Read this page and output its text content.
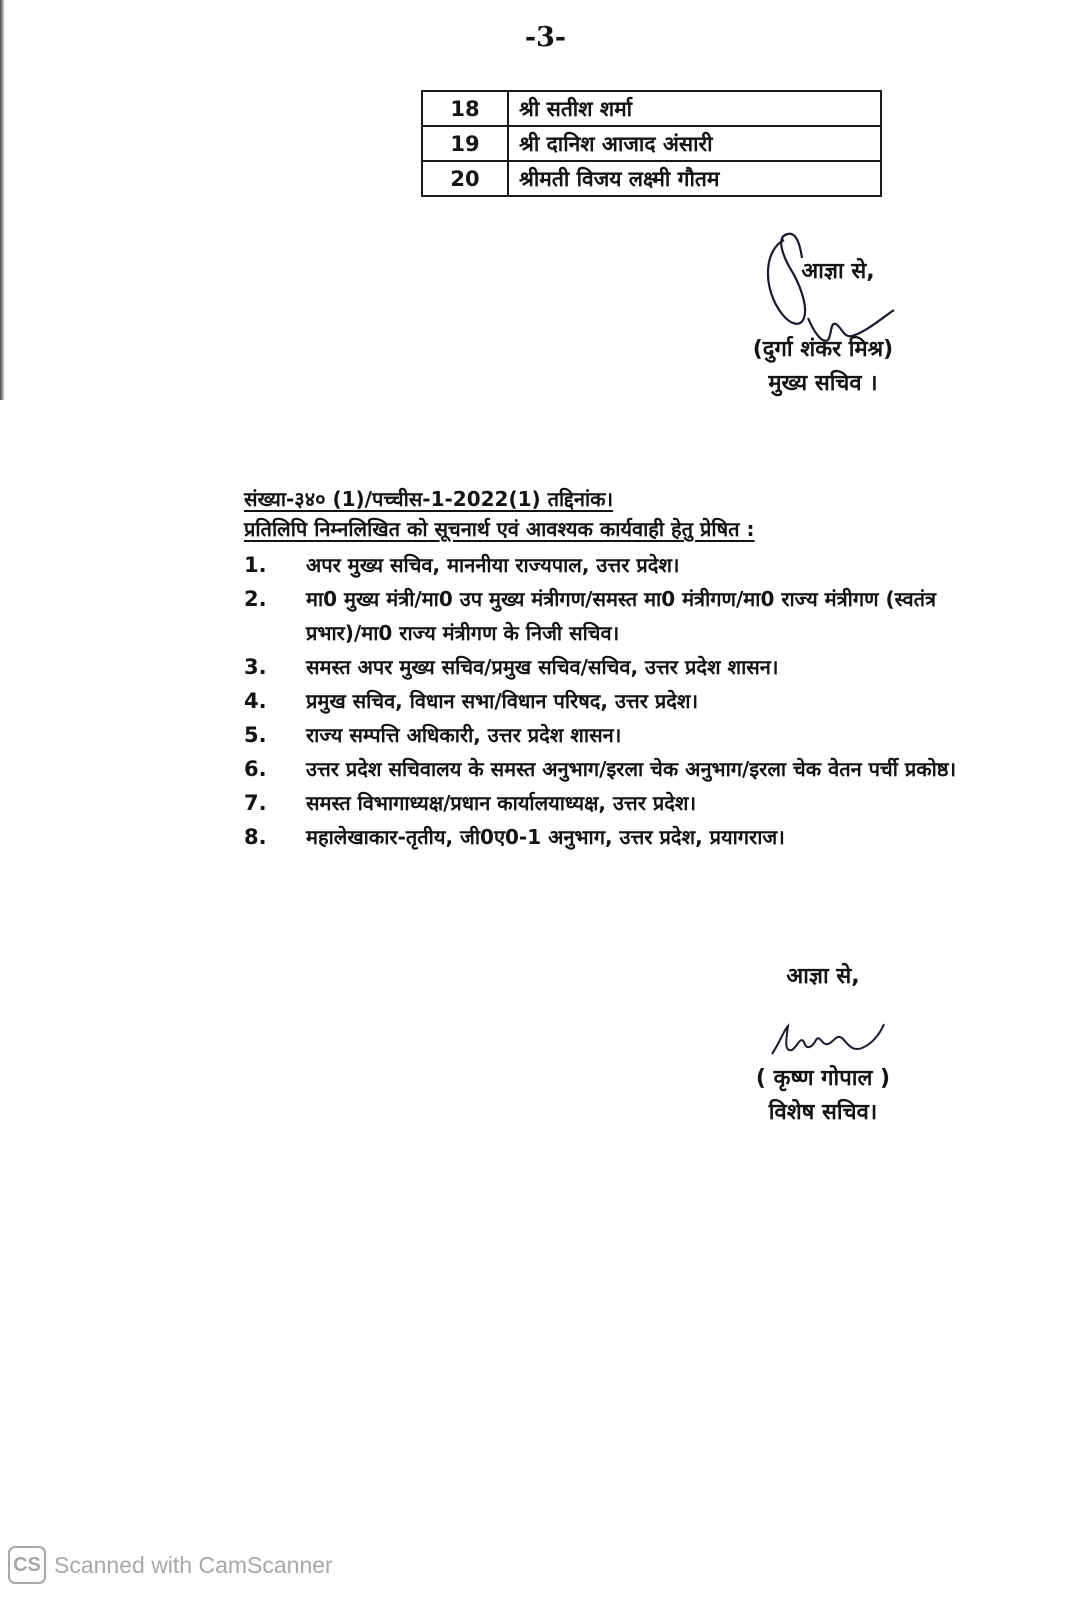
-3-
18	श्री सतीश शर्मा
19	श्री दानिश आजाद अंसारी
20	श्रीमती विजय लक्ष्मी गौतम
आज्ञा से,
(दुर्गा शंकर मिश्र)
मुख्य सचिव ।
संख्या-३४० (1)/पच्चीस-1-2022(1) तद्दिनांक।
प्रतिलिपि निम्नलिखित को सूचनार्थ एवं आवश्यक कार्यवाही हेतु प्रेषित :
1.	अपर मुख्य सचिव, माननीया राज्यपाल, उत्तर प्रदेश।
2.	मा0 मुख्य मंत्री/मा0 उप मुख्य मंत्रीगण/समस्त मा0 मंत्रीगण/मा0 राज्य मंत्रीगण (स्वतंत्र प्रभार)/मा0 राज्य मंत्रीगण के निजी सचिव।
3.	समस्त अपर मुख्य सचिव/प्रमुख सचिव/सचिव, उत्तर प्रदेश शासन।
4.	प्रमुख सचिव, विधान सभा/विधान परिषद, उत्तर प्रदेश।
5.	राज्य सम्पत्ति अधिकारी, उत्तर प्रदेश शासन।
6.	उत्तर प्रदेश सचिवालय के समस्त अनुभाग/इरला चेक अनुभाग/इरला चेक वेतन पर्ची प्रकोष्ठ।
7.	समस्त विभागाध्यक्ष/प्रधान कार्यालयाध्यक्ष, उत्तर प्रदेश।
8.	महालेखाकार-तृतीय, जी0ए0-1 अनुभाग, उत्तर प्रदेश, प्रयागराज।
आज्ञा से,
( कृष्ण गोपाल )
विशेष सचिव।
CS Scanned with CamScanner
